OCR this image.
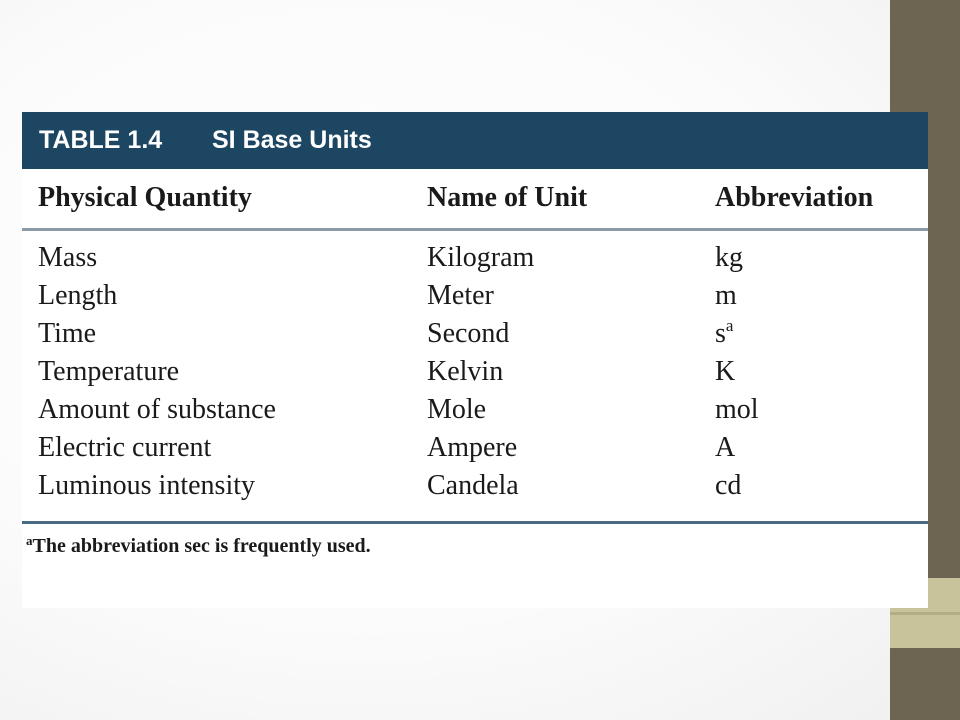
TABLE 1.4 SI Base Units
Physical Quantity	Name of Unit	Abbreviation
Mass	Kilogram	kg
Length	Meter	m
Time	Second	$s^a$
Temperature	Kelvin	K
Amount of substance	Mole	mol
Electric current	Ampere	A
Luminous intensity	Candela	cd
$^a$The abbreviation sec is frequently used.
